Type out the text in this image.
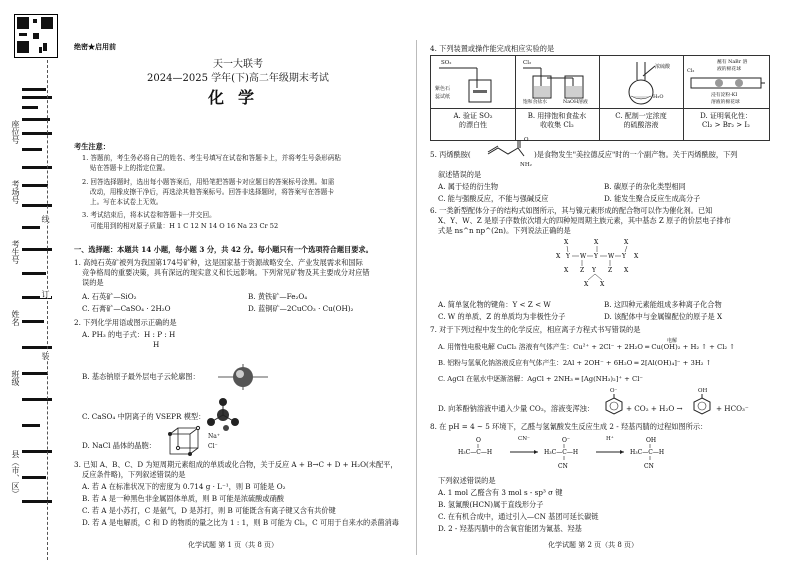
座位号
考场号
考生号
姓名
班级
县（市、区）
线
订
装
绝密★启用前
天一大联考
2024—2025 学年(下)高二年级期末考试
化学
考生注意：
1. 答题前，考生务必将自己的姓名、考生号填写在试卷和答题卡上，并将考生号条形码粘
贴在答题卡上的指定位置。
2. 回答选择题时，选出每小题答案后，用铅笔把答题卡对应题目的答案标号涂黑。如需
改动，用橡皮擦干净后，再选涂其他答案标号。回答非选择题时，将答案写在答题卡
上。写在本试卷上无效。
3. 考试结束后，将本试卷和答题卡一并交回。
可能用到的相对原子质量：H 1 C 12 N 14 O 16 Na 23 Cr 52
一、选择题：本题共 14 小题，每小题 3 分，共 42 分。每小题只有一个选项符合题目要求。
1. 高纯石英矿被列为我国第174号矿种，这是国家基于资源战略安全、产业发展需求和国际
竞争格局的重要决策，具有深远的现实意义和长远影响。下列常见矿物及其主要成分对应错
误的是
A. 石英矿—SiO₂	B. 黄铁矿—Fe₂O₄
C. 石膏矿—CaSO₄ · 2H₂O	D. 蓝铜矿—2CuCO₃ · Cu(OH)₂
2. 下列化学用语或图示正确的是
A. PH₃ 的电子式：H : P : H
H
B. 基态钠原子最外层电子云轮廓图：
C. CaSO₄ 中阴离子的 VSEPR 模型：
D. NaCl 晶体的晶胞：
Na⁺
Cl⁻
3. 已知 A、B、C、D 为短周期元素组成的单质或化合物，关于反应 A + B→C + D + H₂O(未配平，
反应条件略)，下列叙述错误的是
A. 若 A 在标准状况下的密度为 0.714 g · L⁻¹，则 B 可能是 O₂
B. 若 A 是一种黑色非金属固体单质，则 B 可能是浓硫酸或硝酸
C. 若 A 是小苏打，C 是氨气，D 是苏打，则 B 可能既含有离子键又含有共价键
D. 若 A 是电解质，C 和 D 的物质的量之比为 1 : 1，则 B 可能为 Cl₂，C 可用于自来水的杀菌消毒
化学试题 第 1 页（共 8 页）
4. 下列装置或操作能完成相应实验的是
SO₂
紫色石
蕊试纸
Cl₂
饱和食盐水	NaOH溶液
浓硫酸
H₂O
Cl₂
蘸有 NaBr 溶
液的棉花球
浸有淀粉-KI
溶液的棉花球
A. 验证 SO₂
的漂白性
B. 用排饱和食盐水
收收集 Cl₂
C. 配制一定浓度
的硫酸溶液
D. 证明氧化性：
Cl₂ > Br₂ > I₂
5. 丙烯酰胺(
O
NH₂
)是食物发生"美拉德反应"时的一个副产物。关于丙烯酰胺，下列
叙述错误的是
A. 属于烃的衍生物	B. 碳原子的杂化类型相同
C. 能与强酸反应，不能与强碱反应	D. 能发生聚合反应生成高分子
6. 一类新型配体分子的结构式如图所示，其与镍元素形成的配合物可以作为催化剂。已知
X、Y、W、Z 是原子序数依次增大的四种短周期主族元素，其中基态 Z 原子的价层电子排布
式是 ns^n np^(2n)。下列说法正确的是
X	X	X
X Y W Y W Y X
X Z	Z X
Y
X X
A. 简单氢化物的键角：Y < Z < W	B. 这四种元素能组成多种离子化合物
C. W 的单质、Z 的单质均为非极性分子	D. 该配体中与金属镍配位的原子是 X
7. 对于下列过程中发生的化学反应，相应离子方程式书写错误的是
电解
A. 用惰性电极电解 CuCl₂ 溶液有气体产生：Cu²⁺ + 2Cl⁻ + 2H₂O ═ Cu(OH)₂ + H₂ ↑ + Cl₂ ↑
B. 铝粉与氢氧化钠溶液反应有气体产生：2Al + 2OH⁻ + 6H₂O ═ 2[Al(OH)₄]⁻ + 3H₂ ↑
C. AgCl 在氨水中逐渐溶解：AgCl + 2NH₃ ═ [Ag(NH₃)₂]⁺ + Cl⁻
D. 向苯酚钠溶液中通入少量 CO₂，溶液变浑浊：
O⁻
+ CO₂ + H₂O →
OH
+ HCO₃⁻
8. 在 pH = 4 ~ 5 环境下，乙醛与氢氰酸发生反应生成 2 - 羟基丙腈的过程如图所示：
H₃C—C—H
O
H₃C—C—H
O⁻
CN
H₃C—C—H
OH
CN
CN⁻	H⁺
下列叙述错误的是
A. 1 mol 乙醛含有 3 mol s - sp³ σ 键
B. 氢氰酸(HCN)属于直线形分子
C. 在有机合成中，通过引入—CN 基团可延长碳链
D. 2 - 羟基丙腈中的含氧官能团为氰基、羟基
化学试题 第 2 页（共 8 页）
